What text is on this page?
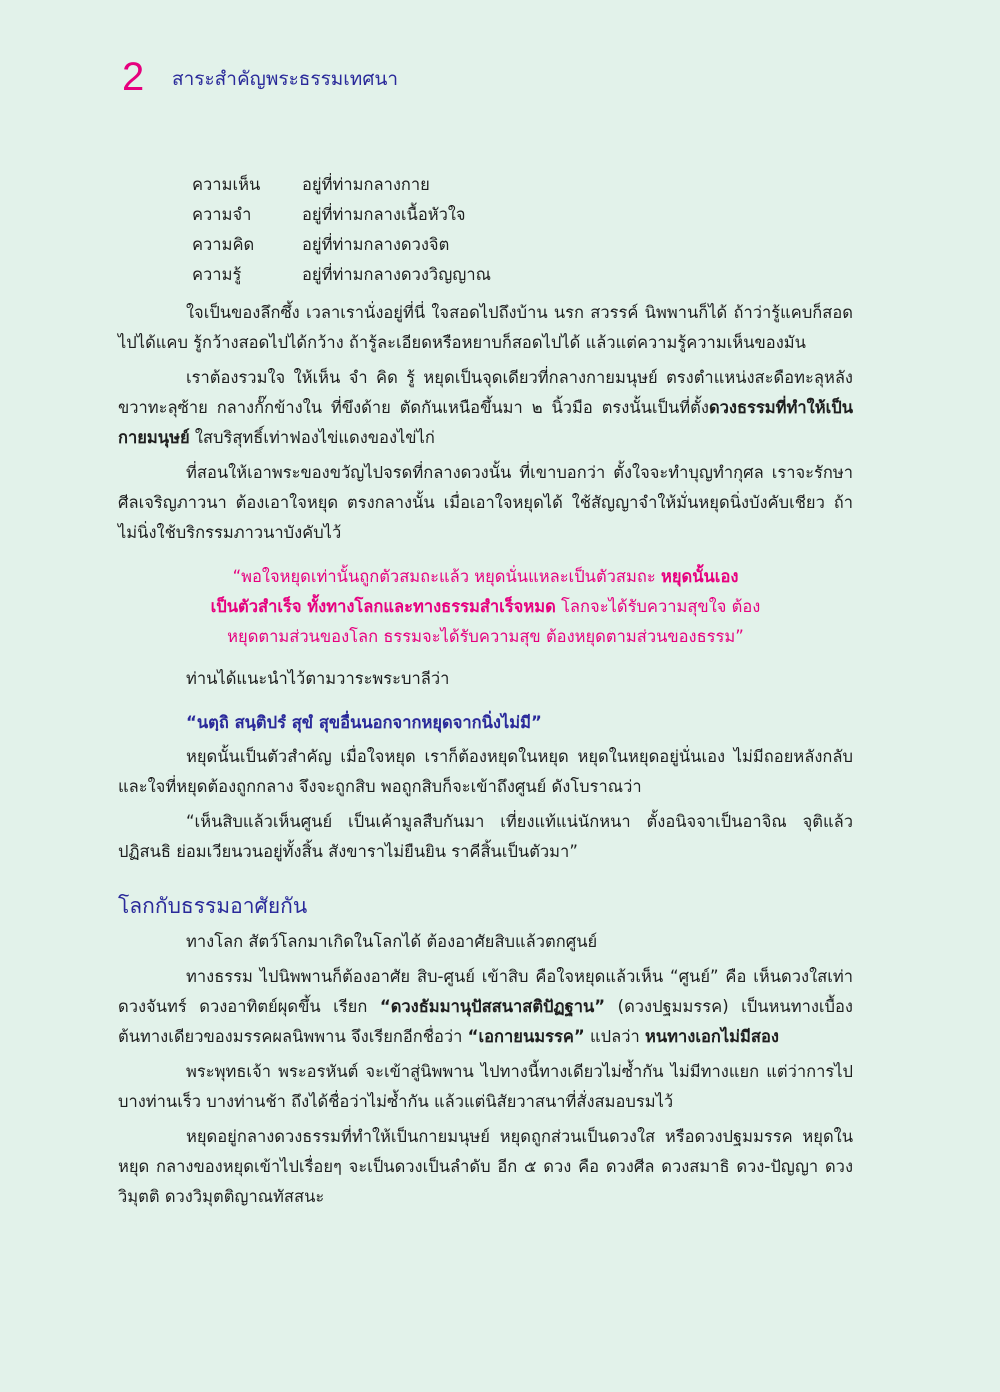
2 สาระสำคัญพระธรรมเทศนา
ความเห็น	อยู่ที่ท่ามกลางกาย
ความจำ	อยู่ที่ท่ามกลางเนื้อหัวใจ
ความคิด	อยู่ที่ท่ามกลางดวงจิต
ความรู้	อยู่ที่ท่ามกลางดวงวิญญาณ

ใจเป็นของลึกซึ้ง เวลาเรานั่งอยู่ที่นี่ ใจสอดไปถึงบ้าน นรก สวรรค์ นิพพานก็ได้ ถ้าว่ารู้แคบก็สอดไปได้แคบ รู้กว้างสอดไปได้กว้าง ถ้ารู้ละเอียดหรือหยาบก็สอดไปได้ แล้วแต่ความรู้ความเห็นของมัน

เราต้องรวมใจ ให้เห็น จำ คิด รู้ หยุดเป็นจุดเดียวที่กลางกายมนุษย์ ตรงตำแหน่งสะดือทะลุหลัง ขวาทะลุซ้าย กลางกั๊กข้างใน ที่ขึงด้าย ตัดกันเหนือขึ้นมา ๒ นิ้วมือ ตรงนั้นเป็นที่ตั้งดวงธรรมที่ทำให้เป็นกายมนุษย์ ใสบริสุทธิ์เท่าฟองไข่แดงของไข่ไก่

ที่สอนให้เอาพระของขวัญไปจรดที่กลางดวงนั้น ที่เขาบอกว่า ตั้งใจจะทำบุญทำกุศล เราจะรักษา ศีลเจริญภาวนา ต้องเอาใจหยุด ตรงกลางนั้น เมื่อเอาใจหยุดได้ ใช้สัญญาจำให้มั่นหยุดนิ่งบังคับเชียว ถ้าไม่นิ่งใช้บริกรรมภาวนาบังคับไว้

“พอใจหยุดเท่านั้นถูกตัวสมถะแล้ว หยุดนั่นแหละเป็นตัวสมถะ หยุดนั้นเอง
เป็นตัวสำเร็จ ทั้งทางโลกและทางธรรมสำเร็จหมด โลกจะได้รับความสุขใจ ต้อง
หยุดตามส่วนของโลก ธรรมจะได้รับความสุข ต้องหยุดตามส่วนของธรรม”

ท่านได้แนะนำไว้ตามวาระพระบาลีว่า

“นตฺถิ สนฺติปรํ สุขํ สุขอื่นนอกจากหยุดจากนิ่งไม่มี”

หยุดนั้นเป็นตัวสำคัญ เมื่อใจหยุด เราก็ต้องหยุดในหยุด หยุดในหยุดอยู่นั่นเอง ไม่มีถอยหลังกลับ และใจที่หยุดต้องถูกกลาง จึงจะถูกสิบ พอถูกสิบก็จะเข้าถึงศูนย์ ดังโบราณว่า

“เห็นสิบแล้วเห็นศูนย์ เป็นเค้ามูลสืบกันมา เที่ยงแท้แน่นักหนา ตั้งอนิจจาเป็นอาจิณ จุติแล้วปฏิสนธิ ย่อมเวียนวนอยู่ทั้งสิ้น สังขาราไม่ยืนยิน ราคีสิ้นเป็นตัวมา”

โลกกับธรรมอาศัยกัน

ทางโลก สัตว์โลกมาเกิดในโลกได้ ต้องอาศัยสิบแล้วตกศูนย์

ทางธรรม ไปนิพพานก็ต้องอาศัย สิบ-ศูนย์ เข้าสิบ คือใจหยุดแล้วเห็น “ศูนย์” คือ เห็นดวงใสเท่าดวงจันทร์ ดวงอาทิตย์ผุดขึ้น เรียก “ดวงธัมมานุปัสสนาสติปัฏฐาน” (ดวงปฐมมรรค) เป็นหนทางเบื้องต้นทางเดียวของมรรคผลนิพพาน จึงเรียกอีกชื่อว่า “เอกายนมรรค” แปลว่า หนทางเอกไม่มีสอง

พระพุทธเจ้า พระอรหันต์ จะเข้าสู่นิพพาน ไปทางนี้ทางเดียวไม่ซ้ำกัน ไม่มีทางแยก แต่ว่าการไปบางท่านเร็ว บางท่านช้า ถึงได้ชื่อว่าไม่ซ้ำกัน แล้วแต่นิสัยวาสนาที่สั่งสมอบรมไว้

หยุดอยู่กลางดวงธรรมที่ทำให้เป็นกายมนุษย์ หยุดถูกส่วนเป็นดวงใส หรือดวงปฐมมรรค หยุดในหยุด กลางของหยุดเข้าไปเรื่อยๆ จะเป็นดวงเป็นลำดับ อีก ๕ ดวง คือ ดวงศีล ดวงสมาธิ ดวง-ปัญญา ดวงวิมุตติ ดวงวิมุตติญาณทัสสนะ
